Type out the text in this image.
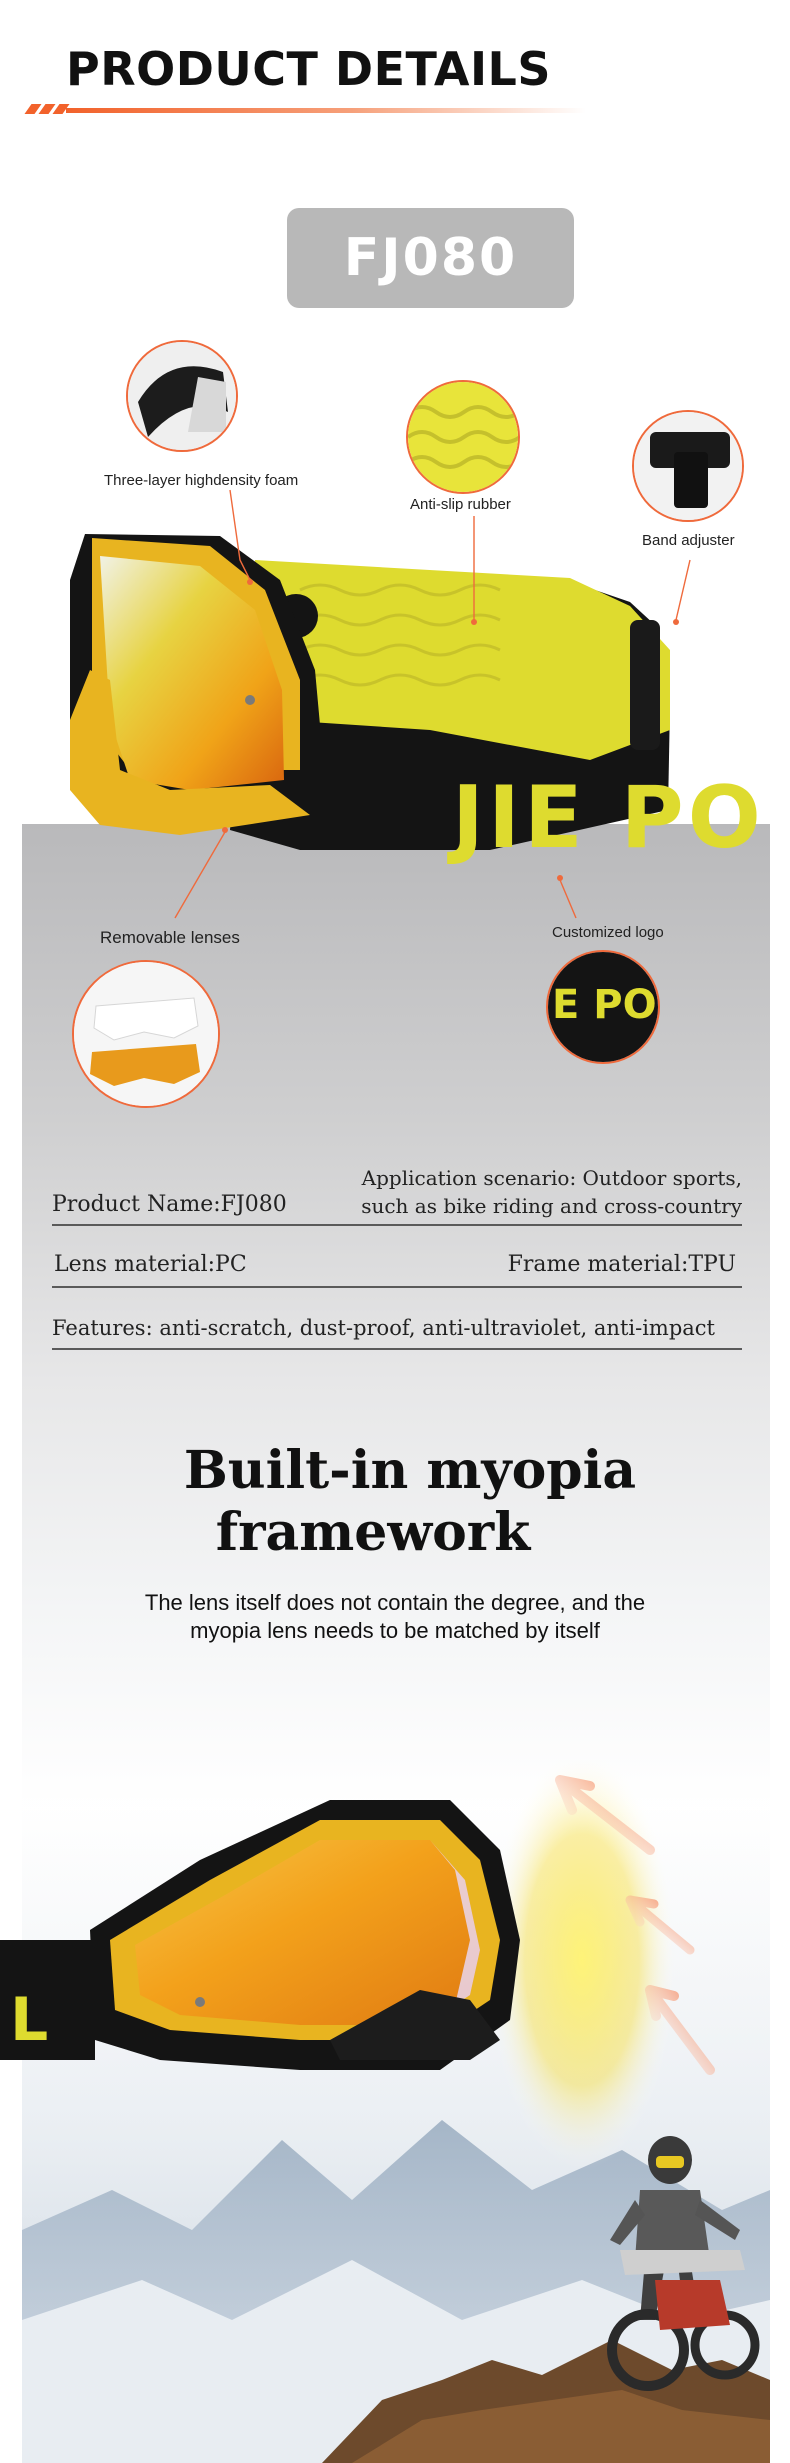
PRODUCT DETAILS
FJ080
JIE PO
E PO
Three-layer highdensity foam
Anti-slip rubber
Band adjuster
Removable lenses	Customized logo
Product Name:FJ080
Application scenario: Outdoor sports,
such as bike riding and cross-country
Lens material:PC	Frame material:TPU
Features: anti-scratch, dust-proof, anti-ultraviolet, anti-impact
Built-in myopia
framework
The lens itself does not contain the degree, and the
myopia lens needs to be matched by itself
L
